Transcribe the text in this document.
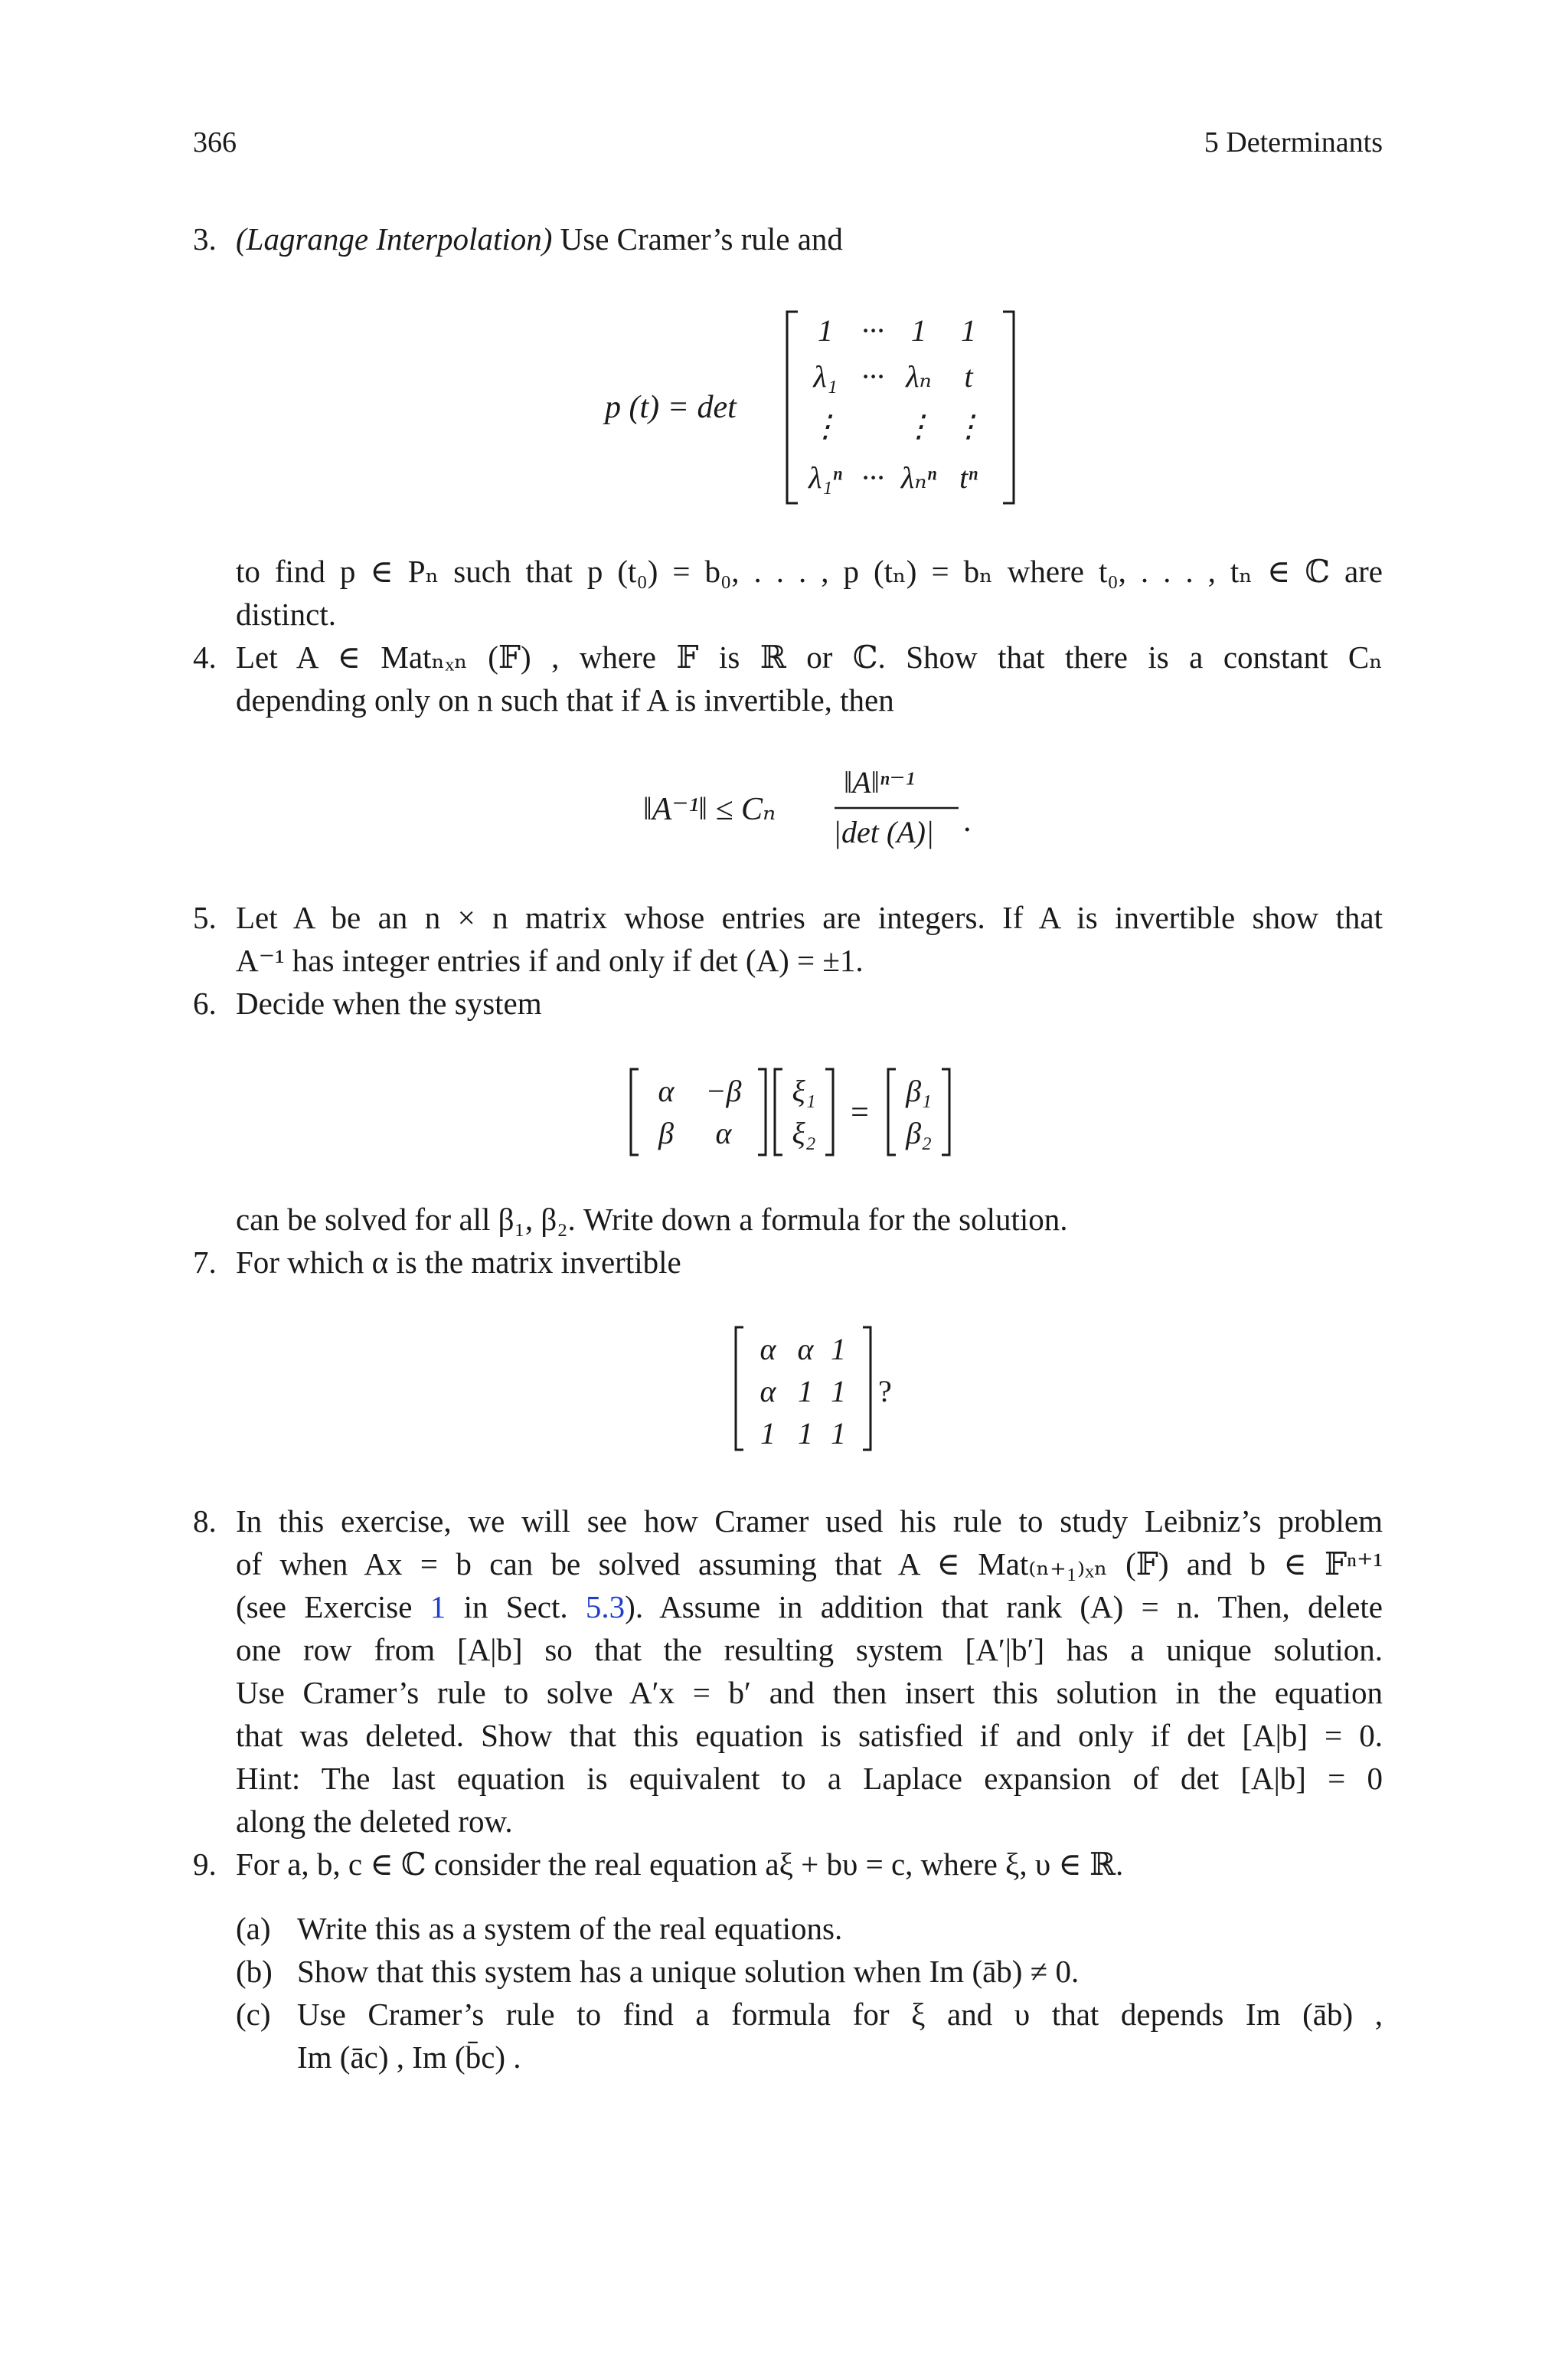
366	5 Determinants
3. (Lagrange Interpolation) Use Cramer’s rule and
p (t) = det
1 ··· 1 1
λ₁ ··· λₙ t
⋮ ⋮ ⋮
λ₁ⁿ ··· λₙⁿ tⁿ
to find p ∈ Pₙ such that p (t₀) = b₀, . . . , p (tₙ) = bₙ where t₀, . . . , tₙ ∈ ℂ are
distinct.
4. Let A ∈ Matₙₓₙ (𝔽) , where 𝔽 is ℝ or ℂ. Show that there is a constant Cₙ
depending only on n such that if A is invertible, then
‖A⁻¹‖ ≤ Cₙ
‖A‖ⁿ⁻¹
|det (A)| .
5. Let A be an n × n matrix whose entries are integers. If A is invertible show that
A⁻¹ has integer entries if and only if det (A) = ±1.
6. Decide when the system
α −β
β α
ξ₁
ξ₂
=
β₁
β₂
can be solved for all β₁, β₂. Write down a formula for the solution.
7. For which α is the matrix invertible
α α 1
α 1 1
1 1 1
?
8. In this exercise, we will see how Cramer used his rule to study Leibniz’s problem
of when Ax = b can be solved assuming that A ∈ Mat₍ₙ₊₁₎ₓₙ (𝔽) and b ∈ 𝔽ⁿ⁺¹
(see Exercise 1 in Sect. 5.3). Assume in addition that rank (A) = n. Then, delete
one row from [A|b] so that the resulting system [A′|b′] has a unique solution.
Use Cramer’s rule to solve A′x = b′ and then insert this solution in the equation
that was deleted. Show that this equation is satisfied if and only if det [A|b] = 0.
Hint: The last equation is equivalent to a Laplace expansion of det [A|b] = 0
along the deleted row.
9. For a, b, c ∈ ℂ consider the real equation aξ + bυ = c, where ξ, υ ∈ ℝ.
(a) Write this as a system of the real equations.
(b) Show that this system has a unique solution when Im (āb) ≠ 0.
(c) Use Cramer’s rule to find a formula for ξ and υ that depends Im (āb) ,
Im (āc) , Im (b̄c) .
